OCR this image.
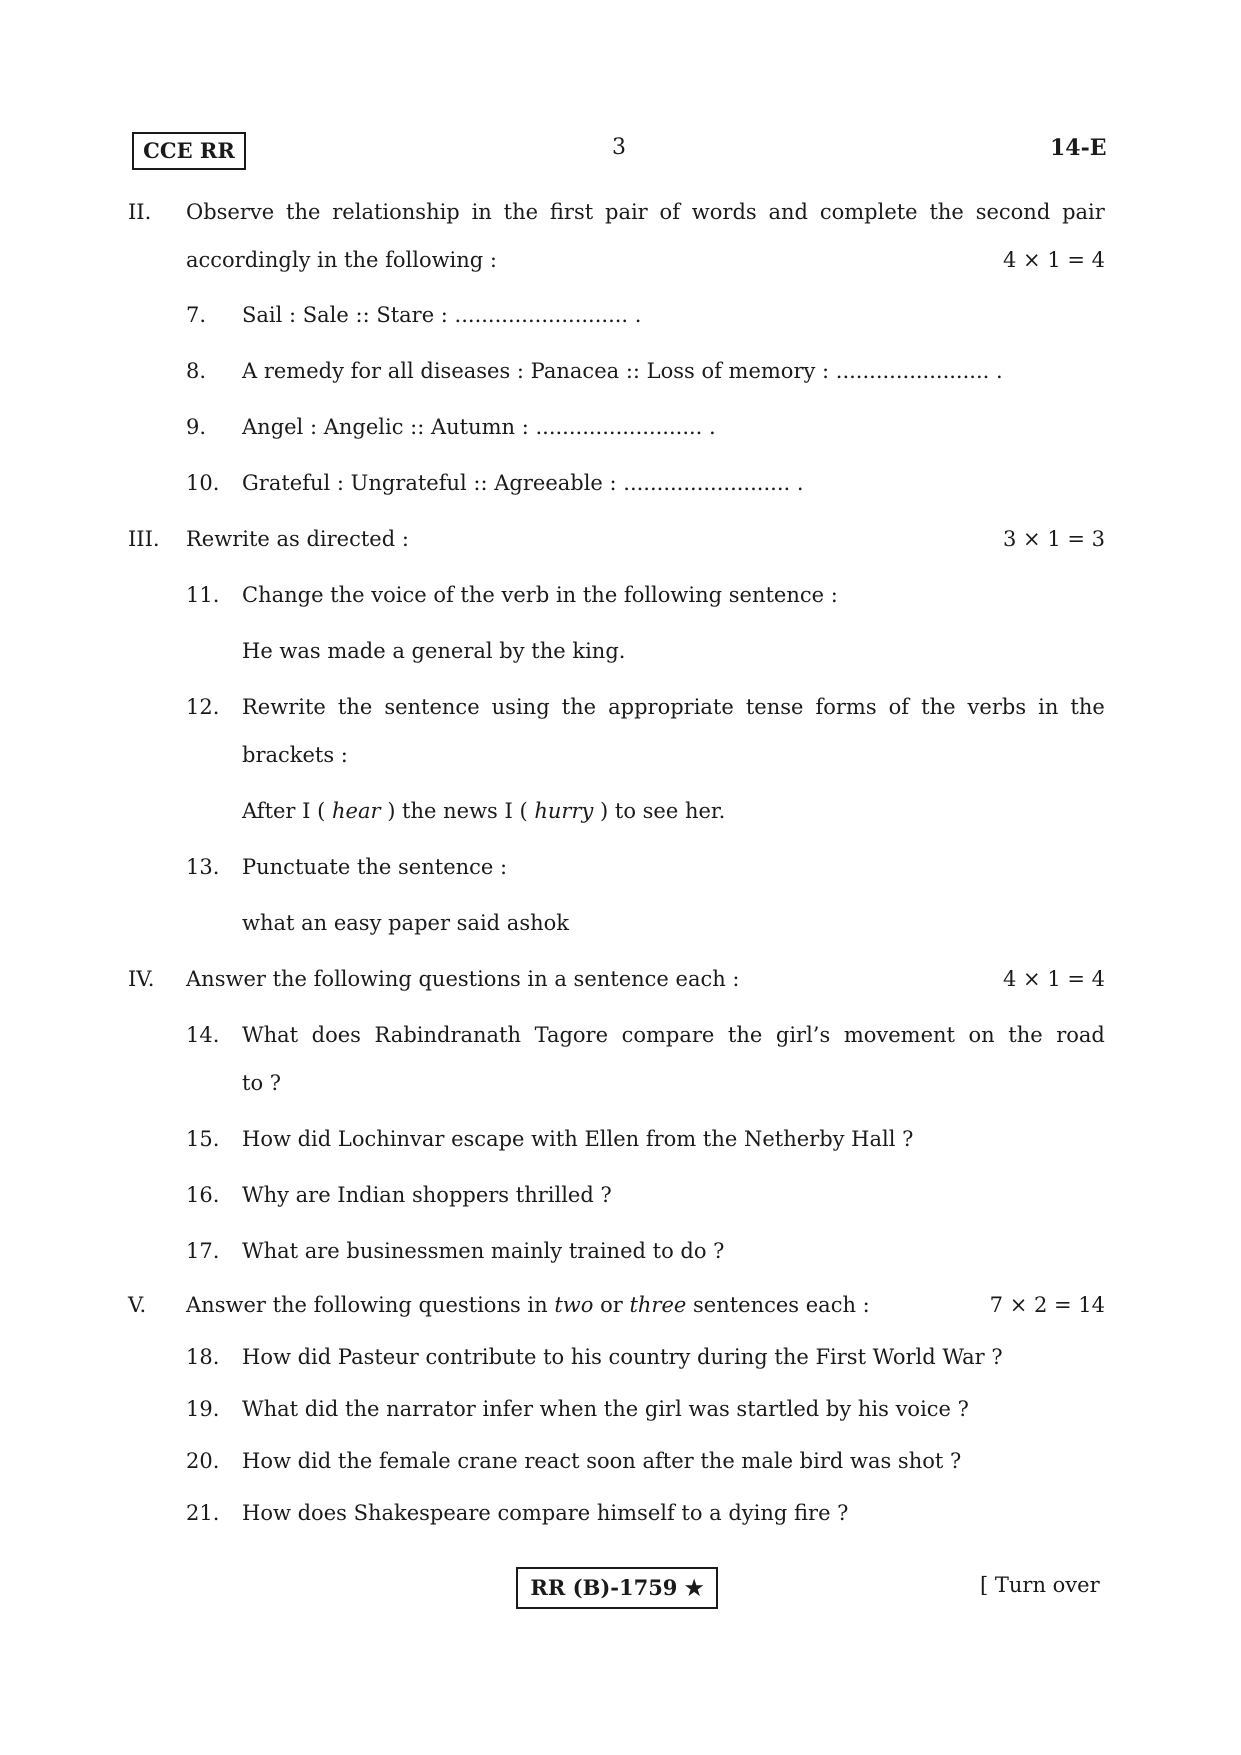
CCE RR	3	14-E
II. Observe the relationship in the first pair of words and complete the second pair
accordingly in the following :	4 × 1 = 4
7. Sail : Sale :: Stare : .......................... .
8. A remedy for all diseases : Panacea :: Loss of memory : ....................... .
9. Angel : Angelic :: Autumn : ......................... .
10. Grateful : Ungrateful :: Agreeable : ......................... .
III. Rewrite as directed :	3 × 1 = 3
11. Change the voice of the verb in the following sentence :
He was made a general by the king.
12. Rewrite the sentence using the appropriate tense forms of the verbs in the
brackets :
After I ( hear ) the news I ( hurry ) to see her.
13. Punctuate the sentence :
what an easy paper said ashok
IV. Answer the following questions in a sentence each :	4 × 1 = 4
14. What does Rabindranath Tagore compare the girl’s movement on the road
to ?
15. How did Lochinvar escape with Ellen from the Netherby Hall ?
16. Why are Indian shoppers thrilled ?
17. What are businessmen mainly trained to do ?
V. Answer the following questions in two or three sentences each :	7 × 2 = 14
18. How did Pasteur contribute to his country during the First World War ?
19. What did the narrator infer when the girl was startled by his voice ?
20. How did the female crane react soon after the male bird was shot ?
21. How does Shakespeare compare himself to a dying fire ?
RR (B)-1759 ★	[ Turn over
